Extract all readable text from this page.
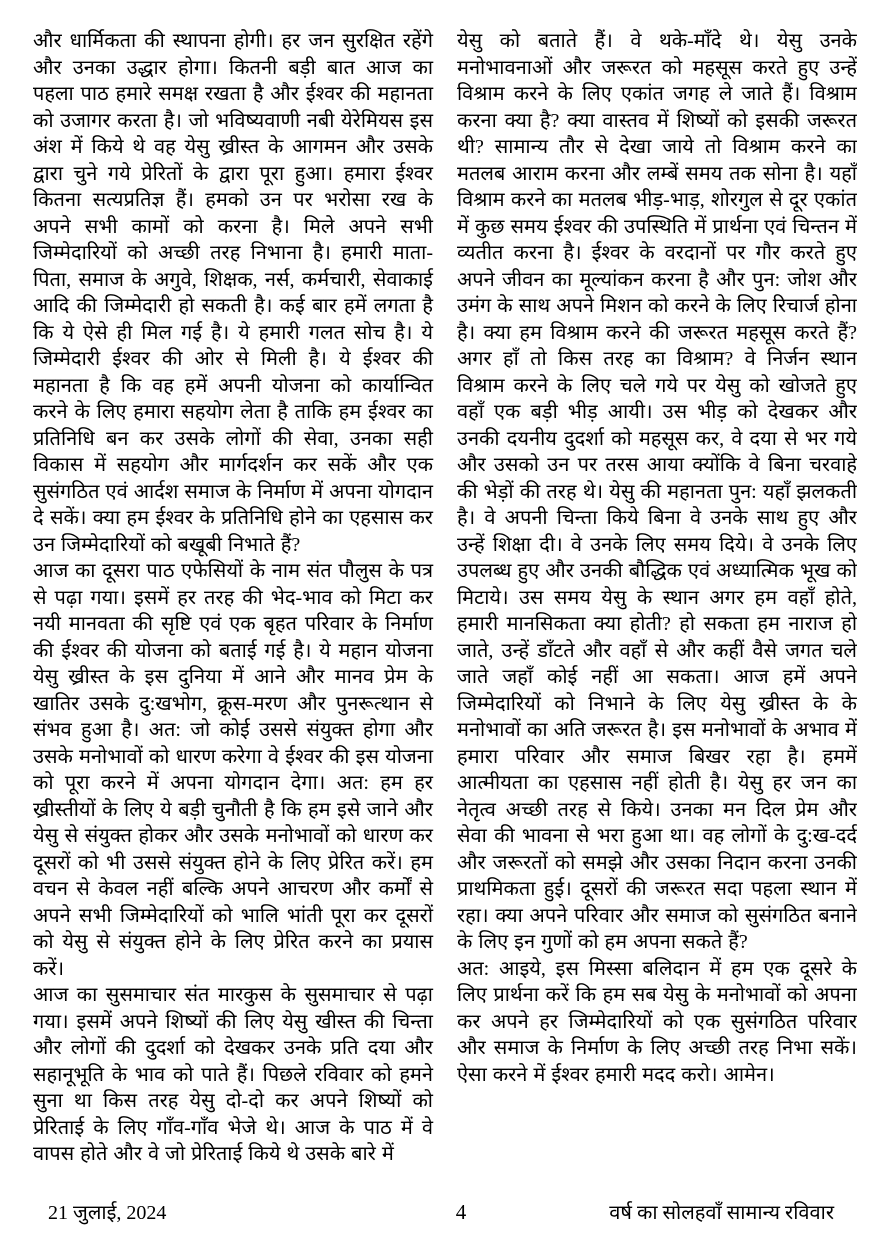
और धार्मिकता की स्थापना होगी। हर जन सुरक्षित रहेंगे और उनका उद्धार होगा। कितनी बड़ी बात आज का पहला पाठ हमारे समक्ष रखता है और ईश्वर की महानता को उजागर करता है। जो भविष्यवाणी नबी येरेमियस इस अंश में किये थे वह येसु ख्रीस्त के आगमन और उसके द्वारा चुने गये प्रेरितों के द्वारा पूरा हुआ। हमारा ईश्वर कितना सत्यप्रतिज्ञ हैं। हमको उन पर भरोसा रख के अपने सभी कामों को करना है। मिले अपने सभी जिम्मेदारियों को अच्छी तरह निभाना है। हमारी माता-पिता, समाज के अगुवे, शिक्षक, नर्स, कर्मचारी, सेवाकाई आदि की जिम्मेदारी हो सकती है। कई बार हमें लगता है कि ये ऐसे ही मिल गई है। ये हमारी गलत सोच है। ये जिम्मेदारी ईश्वर की ओर से मिली है। ये ईश्वर की महानता है कि वह हमें अपनी योजना को कार्यान्वित करने के लिए हमारा सहयोग लेता है ताकि हम ईश्वर का प्रतिनिधि बन कर उसके लोगों की सेवा, उनका सही विकास में सहयोग और मार्गदर्शन कर सकें और एक सुसंगठित एवं आर्दश समाज के निर्माण में अपना योगदान दे सकें। क्या हम ईश्वर के प्रतिनिधि होने का एहसास कर उन जिम्मेदारियों को बखूबी निभाते हैं?

आज का दूसरा पाठ एफेसियों के नाम संत पौलुस के पत्र से पढ़ा गया। इसमें हर तरह की भेद-भाव को मिटा कर नयी मानवता की सृष्टि एवं एक बृहत परिवार के निर्माण की ईश्वर की योजना को बताई गई है। ये महान योजना येसु ख्रीस्त के इस दुनिया में आने और मानव प्रेम के खातिर उसके दु:खभोग, क्रूस-मरण और पुनरूत्थान से संभव हुआ है। अत: जो कोई उससे संयुक्त होगा और उसके मनोभावों को धारण करेगा वे ईश्वर की इस योजना को पूरा करने में अपना योगदान देगा। अत: हम हर ख्रीस्तीयों के लिए ये बड़ी चुनौती है कि हम इसे जाने और येसु से संयुक्त होकर और उसके मनोभावों को धारण कर दूसरों को भी उससे संयुक्त होने के लिए प्रेरित करें। हम वचन से केवल नहीं बल्कि अपने आचरण और कर्मों से अपने सभी जिम्मेदारियों को भालि भांती पूरा कर दूसरों को येसु से संयुक्त होने के लिए प्रेरित करने का प्रयास करें।

आज का सुसमाचार संत मारकुस के सुसमाचार से पढ़ा गया। इसमें अपने शिष्यों की लिए येसु खीस्त की चिन्ता और लोगों की दुदर्शा को देखकर उनके प्रति दया और सहानूभूति के भाव को पाते हैं। पिछले रविवार को हमने सुना था किस तरह येसु दो-दो कर अपने शिष्यों को प्रेरिताई के लिए गाँव-गाँव भेजे थे। आज के पाठ में वे वापस होते और वे जो प्रेरिताई किये थे उसके बारे में

येसु को बताते हैं। वे थके-माँदे थे। येसु उनके मनोभावनाओं और जरूरत को महसूस करते हुए उन्हें विश्राम करने के लिए एकांत जगह ले जाते हैं। विश्राम करना क्या है? क्या वास्तव में शिष्यों को इसकी जरूरत थी? सामान्य तौर से देखा जाये तो विश्राम करने का मतलब आराम करना और लम्बें समय तक सोना है। यहाँ विश्राम करने का मतलब भीड़-भाड़, शोरगुल से दूर एकांत में कुछ समय ईश्वर की उपस्थिति में प्रार्थना एवं चिन्तन में व्यतीत करना है। ईश्वर के वरदानों पर गौर करते हुए अपने जीवन का मूल्यांकन करना है और पुन: जोश और उमंग के साथ अपने मिशन को करने के लिए रिचार्ज होना है। क्या हम विश्राम करने की जरूरत महसूस करते हैं? अगर हाँ तो किस तरह का विश्राम? वे निर्जन स्थान विश्राम करने के लिए चले गये पर येसु को खोजते हुए वहाँ एक बड़ी भीड़ आयी। उस भीड़ को देखकर और उनकी दयनीय दुदर्शा को महसूस कर, वे दया से भर गये और उसको उन पर तरस आया क्योंकि वे बिना चरवाहे की भेड़ों की तरह थे। येसु की महानता पुन: यहाँ झलकती है। वे अपनी चिन्ता किये बिना वे उनके साथ हुए और उन्हें शिक्षा दी। वे उनके लिए समय दिये। वे उनके लिए उपलब्ध हुए और उनकी बौद्धिक एवं अध्यात्मिक भूख को मिटाये। उस समय येसु के स्थान अगर हम वहाँ होते, हमारी मानसिकता क्या होती? हो सकता हम नाराज हो जाते, उन्हें डाँटते और वहाँ से और कहीं वैसे जगत चले जाते जहाँ कोई नहीं आ सकता। आज हमें अपने जिम्मेदारियों को निभाने के लिए येसु ख्रीस्त के के मनोभावों का अति जरूरत है। इस मनोभावों के अभाव में हमारा परिवार और समाज बिखर रहा है। हममें आत्मीयता का एहसास नहीं होती है। येसु हर जन का नेतृत्व अच्छी तरह से किये। उनका मन दिल प्रेम और सेवा की भावना से भरा हुआ था। वह लोगों के दु:ख-दर्द और जरूरतों को समझे और उसका निदान करना उनकी प्राथमिकता हुई। दूसरों की जरूरत सदा पहला स्थान में रहा। क्या अपने परिवार और समाज को सुसंगठित बनाने के लिए इन गुणों को हम अपना सकते हैं?

अत: आइये, इस मिस्सा बलिदान में हम एक दूसरे के लिए प्रार्थना करें कि हम सब येसु के मनोभावों को अपना कर अपने हर जिम्मेदारियों को एक सुसंगठित परिवार और समाज के निर्माण के लिए अच्छी तरह निभा सकें। ऐसा करने में ईश्वर हमारी मदद करो। आमेन।

21 जुलाई, 2024	4	वर्ष का सोलहवाँ सामान्य रविवार
